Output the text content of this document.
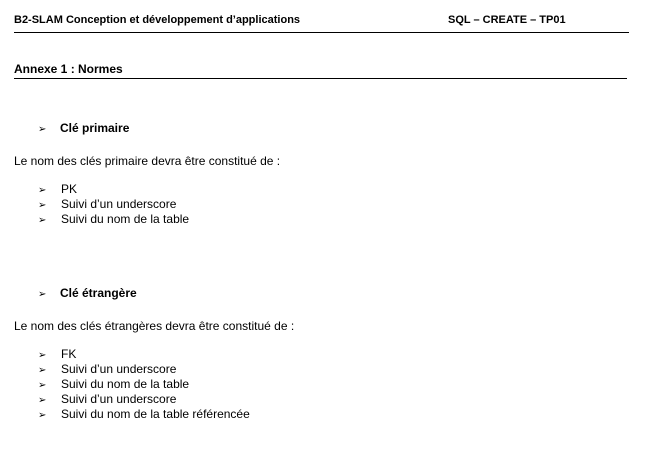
B2-SLAM Conception et développement d’applications	SQL – CREATE – TP01
Annexe 1 : Normes
➢ Clé primaire
Le nom des clés primaire devra être constitué de :
➢ PK
➢ Suivi d’un underscore
➢ Suivi du nom de la table
➢ Clé étrangère
Le nom des clés étrangères devra être constitué de :
➢ FK
➢ Suivi d’un underscore
➢ Suivi du nom de la table
➢ Suivi d’un underscore
➢ Suivi du nom de la table référencée
